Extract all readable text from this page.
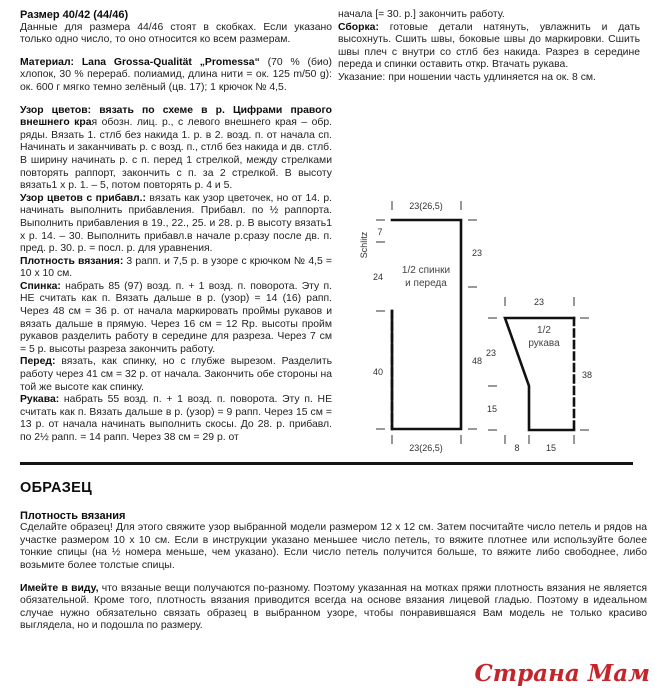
Размер 40/42 (44/46)
Данные для размера 44/46 стоят в скобках. Если указано только одно число, то оно относится ко всем размерам.

Материал: Lana Grossa-Qualität „Promessa“ (70 % (био) хлопок, 30 % перераб. полиамид, длина нити = ок. 125 m/50 g): ок. 600 г мягко темно зелёный (цв. 17); 1 крючок № 4,5.

Узор цветов: вязать по схеме в р. Цифрами правого внешнего края обозн. лиц. р., с левого внешнего края – обр. ряды. Вязать 1. стлб без накида 1. р. в 2. возд. п. от начала сп. Начинать и заканчивать р. с возд. п., стлб без накида и дв. стлб. В ширину начинать р. с п. перед 1 стрелкой, между стрелками повторять раппорт, закончить с п. за 2 стрелкой. В высоту вязать1 х р. 1. – 5, потом повторять р. 4 и 5.

Узор цветов с прибавл.: вязать как узор цветочек, но от 14. р. начинать выполнить прибавления. Прибавл. по ½ раппорта. Выполнить прибавления в 19., 22., 25. и 28. р. В высоту вязать1 х р. 14. – 30. Выполнить прибавл.в начале р.сразу после дв. п. пред. р. 30. р. = посл. р. для уравнения.

Плотность вязания: 3 рапп. и 7,5 р. в узоре с крючком № 4,5 = 10 х 10 см.

Спинка: набрать 85 (97) возд. п. + 1 возд. п. поворота. Эту п. НЕ считать как п. Вязать дальше в р. (узор) = 14 (16) рапп. Через 48 см = 36 р. от начала маркировать проймы рукавов и вязать дальше в прямую. Через 16 см = 12 Rp. высоты пройм рукавов разделить работу в середине для разреза. Через 7 см = 5 р. высоты разреза закончить работу.

Перед: вязать, как спинку, но с глубже вырезом. Разделить работу через 41 см = 32 р. от начала. Закончить обе стороны на той же высоте как спинку.

Рукава: набрать 55 возд. п. + 1 возд. п. поворота. Эту п. НЕ считать как п. Вязать дальше в р. (узор) = 9 рапп. Через 15 см = 13 р. от начала начинать выполнить скосы. До 28. р. прибавл. по 2½ рапп. = 14 рапп. Через 38 см = 29 р. от

начала [= 30. р.] закончить работу.

Сборка: готовые детали натянуть, увлажнить и дать высохнуть. Сшить швы, боковые швы до маркировки. Сшить швы плеч с внутри со стлб без накида. Разрез в середине переда и спинки оставить откр. Втачать рукава.

Указание: при ношении часть удлиняется на ок. 8 см.

23(26,5)
23(26,5)
7
24
40
Schlitz	23
48
1/2 спинки
и переда
23
8	15
23
15
38
1/2
рукава
ОБРАЗЕЦ

Плотность вязания
Сделайте образец! Для этого свяжите узор выбранной модели размером 12 х 12 см. Затем посчитайте число петель и рядов на участке размером 10 х 10 см. Если в инструкции указано меньшее число петель, то вяжите плотнее или используйте более тонкие спицы (на ½ номера меньше, чем указано). Если число петель получится больше, то вяжите либо свободнее, либо возьмите более толстые спицы.

Имейте в виду, что вязаные вещи получаются по-разному. Поэтому указанная на мотках пряжи плотность вязания не является обязательной. Кроме того, плотность вязания приводится всегда на основе вязания лицевой гладью. Поэтому в идеальном случае нужно обязательно связать образец в выбранном узоре, чтобы понравившаяся Вам модель не только красиво выглядела, но и подошла по размеру.

Страна Мам
